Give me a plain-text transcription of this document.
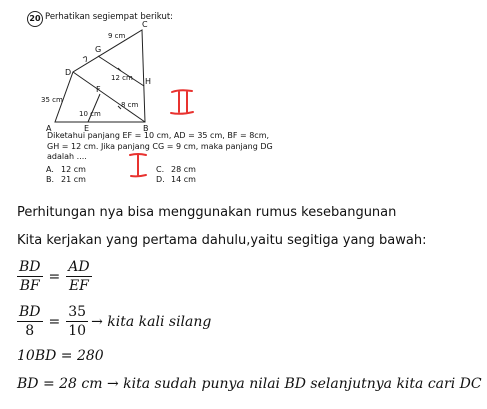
20 Perhatikan segiempat berikut:
A	B
C
D
E
F
G
H
9 cm
12 cm
35 cm
8 cm
10 cm
Diketahui panjang EF = 10 cm, AD = 35 cm, BF = 8cm,
GH = 12 cm. Jika panjang CG = 9 cm, maka panjang DG
adalah ....
A. 12 cm
B. 21 cm
C. 28 cm
D. 14 cm
Perhitungan nya bisa menggunakan rumus kesebangunan
Kita kerjakan yang pertama dahulu,yaitu segitiga yang bawah:
$\frac{BD}{BF} = \frac{AD}{EF}$
$\frac{BD}{8} = \frac{35}{10}$ → kita kali silang
10BD = 280
BD = 28 cm → kita sudah punya nilai BD selanjutnya kita cari DC
